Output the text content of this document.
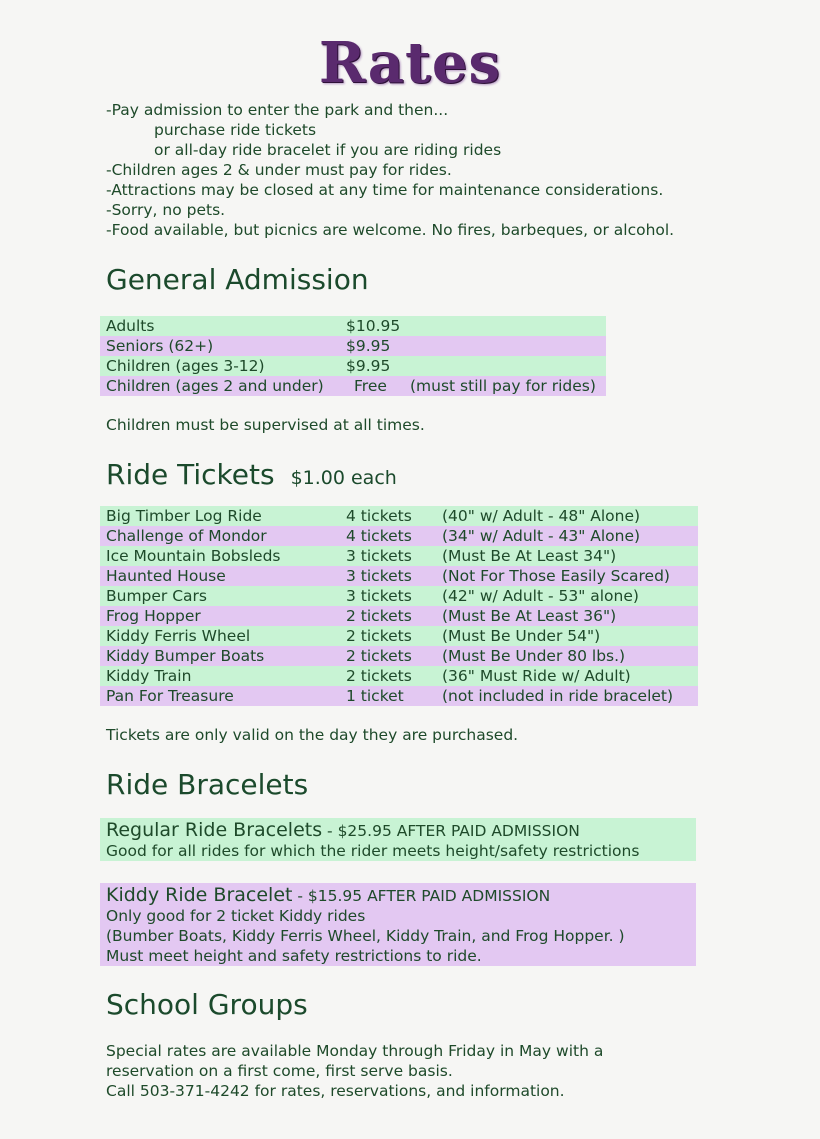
Rates
-Pay admission to enter the park and then...
purchase ride tickets
or all-day ride bracelet if you are riding rides
-Children ages 2 & under must pay for rides.
-Attractions may be closed at any time for maintenance considerations.
-Sorry, no pets.
-Food available, but picnics are welcome. No fires, barbeques, or alcohol.
General Admission
Adults	$10.95
Seniors (62+)	$9.95
Children (ages 3-12)	$9.95
Children (ages 2 and under) Free (must still pay for rides)
Children must be supervised at all times.
Ride Tickets $1.00 each
Big Timber Log Ride	4 tickets (40" w/ Adult - 48" Alone)
Challenge of Mondor	4 tickets (34" w/ Adult - 43" Alone)
Ice Mountain Bobsleds	3 tickets (Must Be At Least 34")
Haunted House	3 tickets (Not For Those Easily Scared)
Bumper Cars	3 tickets (42" w/ Adult - 53" alone)
Frog Hopper	2 tickets (Must Be At Least 36")
Kiddy Ferris Wheel	2 tickets (Must Be Under 54")
Kiddy Bumper Boats	2 tickets (Must Be Under 80 lbs.)
Kiddy Train	2 tickets (36" Must Ride w/ Adult)
Pan For Treasure	1 ticket (not included in ride bracelet)
Tickets are only valid on the day they are purchased.
Ride Bracelets
Regular Ride Bracelets - $25.95 AFTER PAID ADMISSION
Good for all rides for which the rider meets height/safety restrictions
Kiddy Ride Bracelet - $15.95 AFTER PAID ADMISSION
Only good for 2 ticket Kiddy rides
(Bumber Boats, Kiddy Ferris Wheel, Kiddy Train, and Frog Hopper. )
Must meet height and safety restrictions to ride.
School Groups
Special rates are available Monday through Friday in May with a
reservation on a first come, first serve basis.
Call 503-371-4242 for rates, reservations, and information.
